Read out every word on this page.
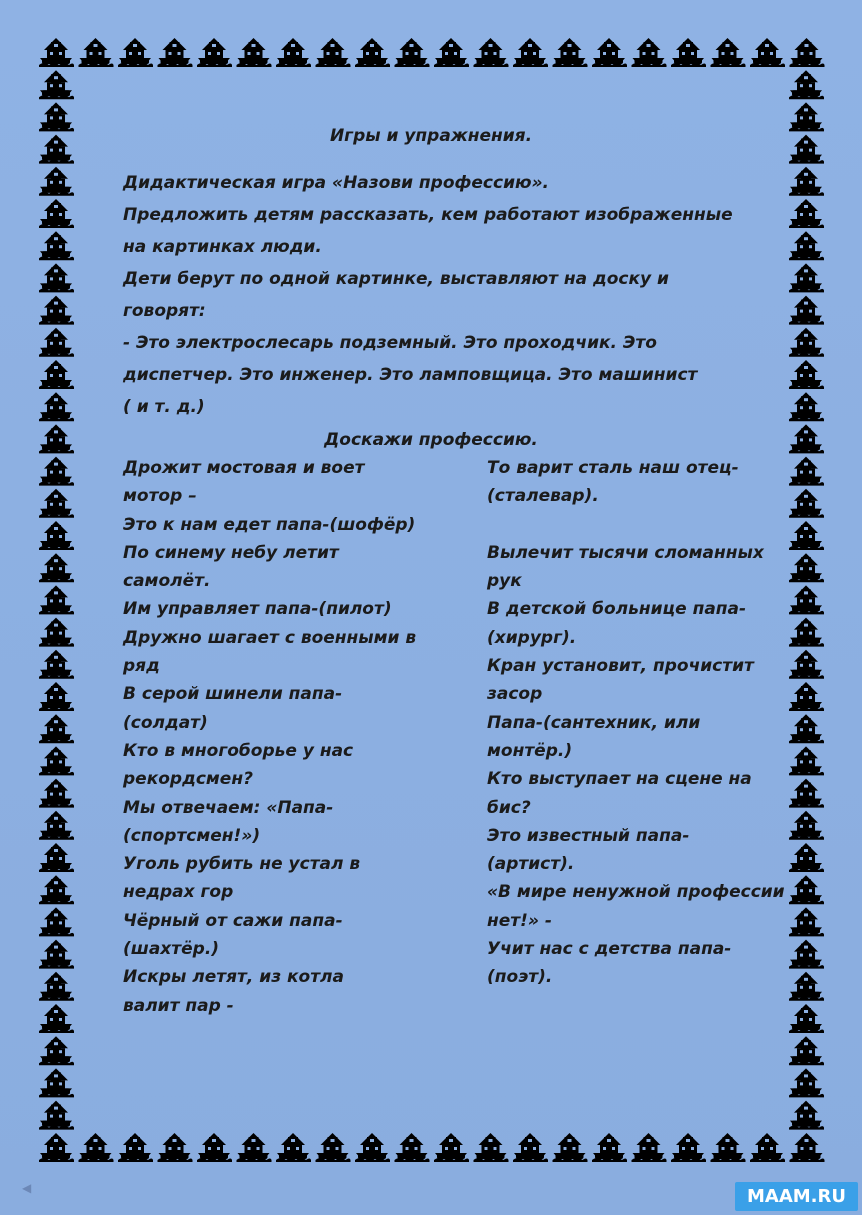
Игры и упражнения.
Дидактическая игра «Назови профессию».
Предложить детям рассказать, кем работают изображенные
на картинках люди.
Дети берут по одной картинке, выставляют на доску и
говорят:
- Это электрослесарь подземный. Это проходчик. Это
диспетчер. Это инженер. Это ламповщица. Это машинист
( и т. д.)
Доскажи профессию.
Дрожит мостовая и воет
мотор –
Это к нам едет папа-(шофёр)
По синему небу летит
самолёт.
Им управляет папа-(пилот)
Дружно шагает с военными в
ряд
В серой шинели папа-
(солдат)
Кто в многоборье у нас
рекордсмен?
Мы отвечаем: «Папа-
(спортсмен!»)
Уголь рубить не устал в
недрах гор
Чёрный от сажи папа-
(шахтёр.)
Искры летят, из котла
валит пар -
То варит сталь наш отец-
(сталевар).
Вылечит тысячи сломанных
рук
В детской больнице папа-
(хирург).
Кран установит, прочистит
засор
Папа-(сантехник, или
монтёр.)
Кто выступает на сцене на
бис?
Это известный папа-
(артист).
«В мире ненужной профессии
нет!» -
Учит нас с детства папа-
(поэт).
◀	MAAM.RU
